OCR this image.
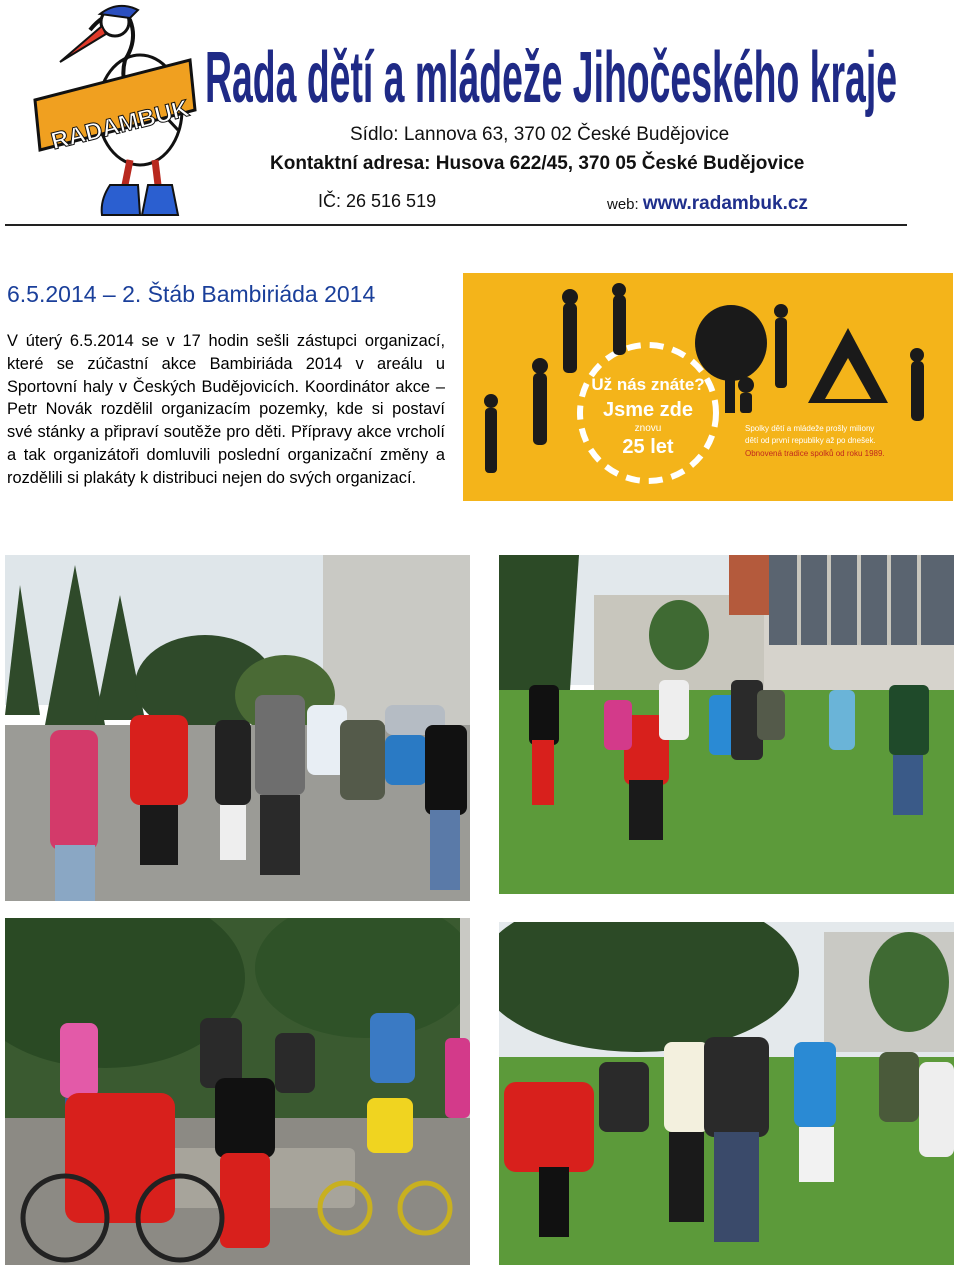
RADAMBUK
Rada dětí a mládeže Jihočeského kraje
Sídlo: Lannova 63, 370 02 České Budějovice
Kontaktní adresa: Husova 622/45, 370 05 České Budějovice
IČ: 26 516 519	web: www.radambuk.cz
6.5.2014 – 2. Štáb Bambiriáda 2014

V úterý 6.5.2014 se v 17 hodin sešli zástupci organizací, které se zúčastní akce Bambiriáda 2014 v areálu u Sportovní haly v Českých Budějovicích. Koordinátor akce – Petr Novák rozdělil organizacím pozemky, kde si postaví své stánky a připraví soutěže pro děti. Přípravy akce vrcholí a tak organizátoři domluvili poslední organizační změny a rozdělili si plakáty k distribuci nejen do svých organizací.

Už nás znáte?
Jsme zde
znovu
25 let
Spolky dětí a mládeže prošly miliony
dětí od první republiky až po dnešek.
Obnovená tradice spolků od roku 1989.
